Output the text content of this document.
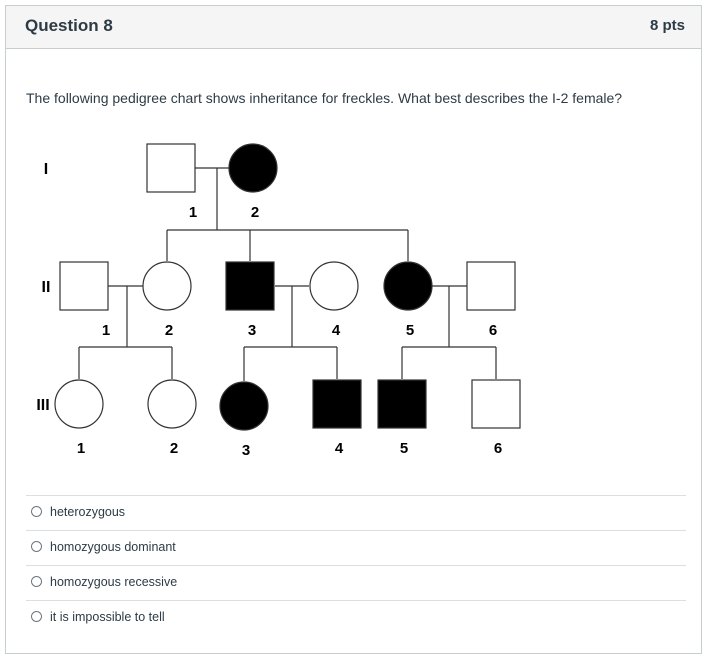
Question 8	8 pts
The following pedigree chart shows inheritance for freckles. What best describes the I-2 female?
I
II
III
1	2
1	2	3	4	5	6
1	2	3	4	5	6
heterozygous
homozygous dominant
homozygous recessive
it is impossible to tell
